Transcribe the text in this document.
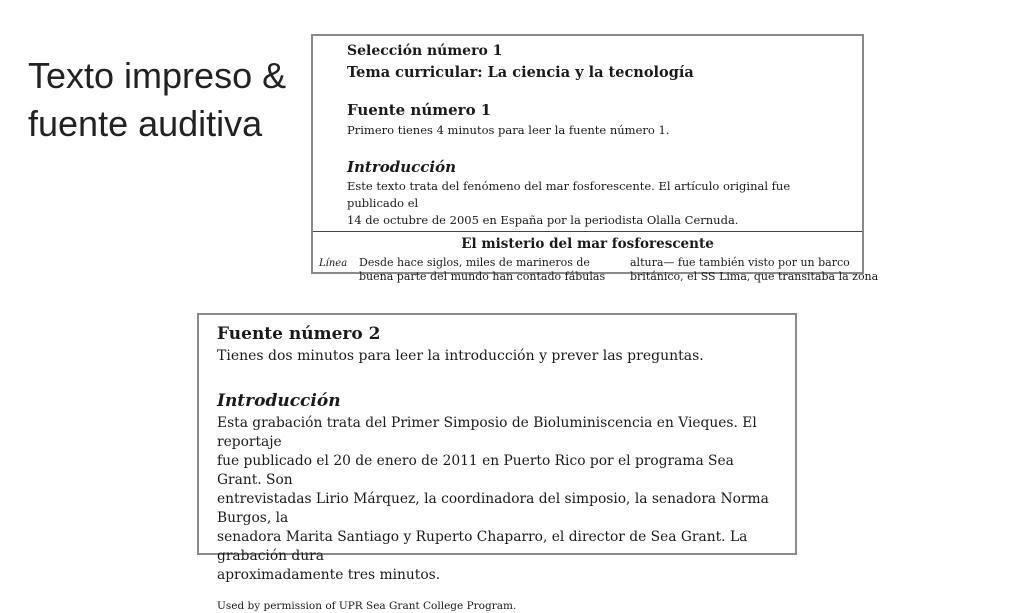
Texto impreso &
fuente auditiva

Selección número 1

Tema curricular: La ciencia y la tecnología

Fuente número 1

Primero tienes 4 minutos para leer la fuente número 1.

Introducción

Este texto trata del fenómeno del mar fosforescente. El artículo original fue publicado el
14 de octubre de 2005 en España por la periodista Olalla Cernuda.
El misterio del mar fosforescente
Línea Desde hace siglos, miles de marineros de
buena parte del mundo han contado fábulas
altura— fue también visto por un barco
británico, el SS Lima, que transitaba la zona

Fuente número 2

Tienes dos minutos para leer la introducción y prever las preguntas.

Introducción

Esta grabación trata del Primer Simposio de Bioluminiscencia en Vieques. El reportaje
fue publicado el 20 de enero de 2011 en Puerto Rico por el programa Sea Grant. Son
entrevistadas Lirio Márquez, la coordinadora del simposio, la senadora Norma Burgos, la
senadora Marita Santiago y Ruperto Chaparro, el director de Sea Grant. La grabación dura
aproximadamente tres minutos.

Used by permission of UPR Sea Grant College Program.
